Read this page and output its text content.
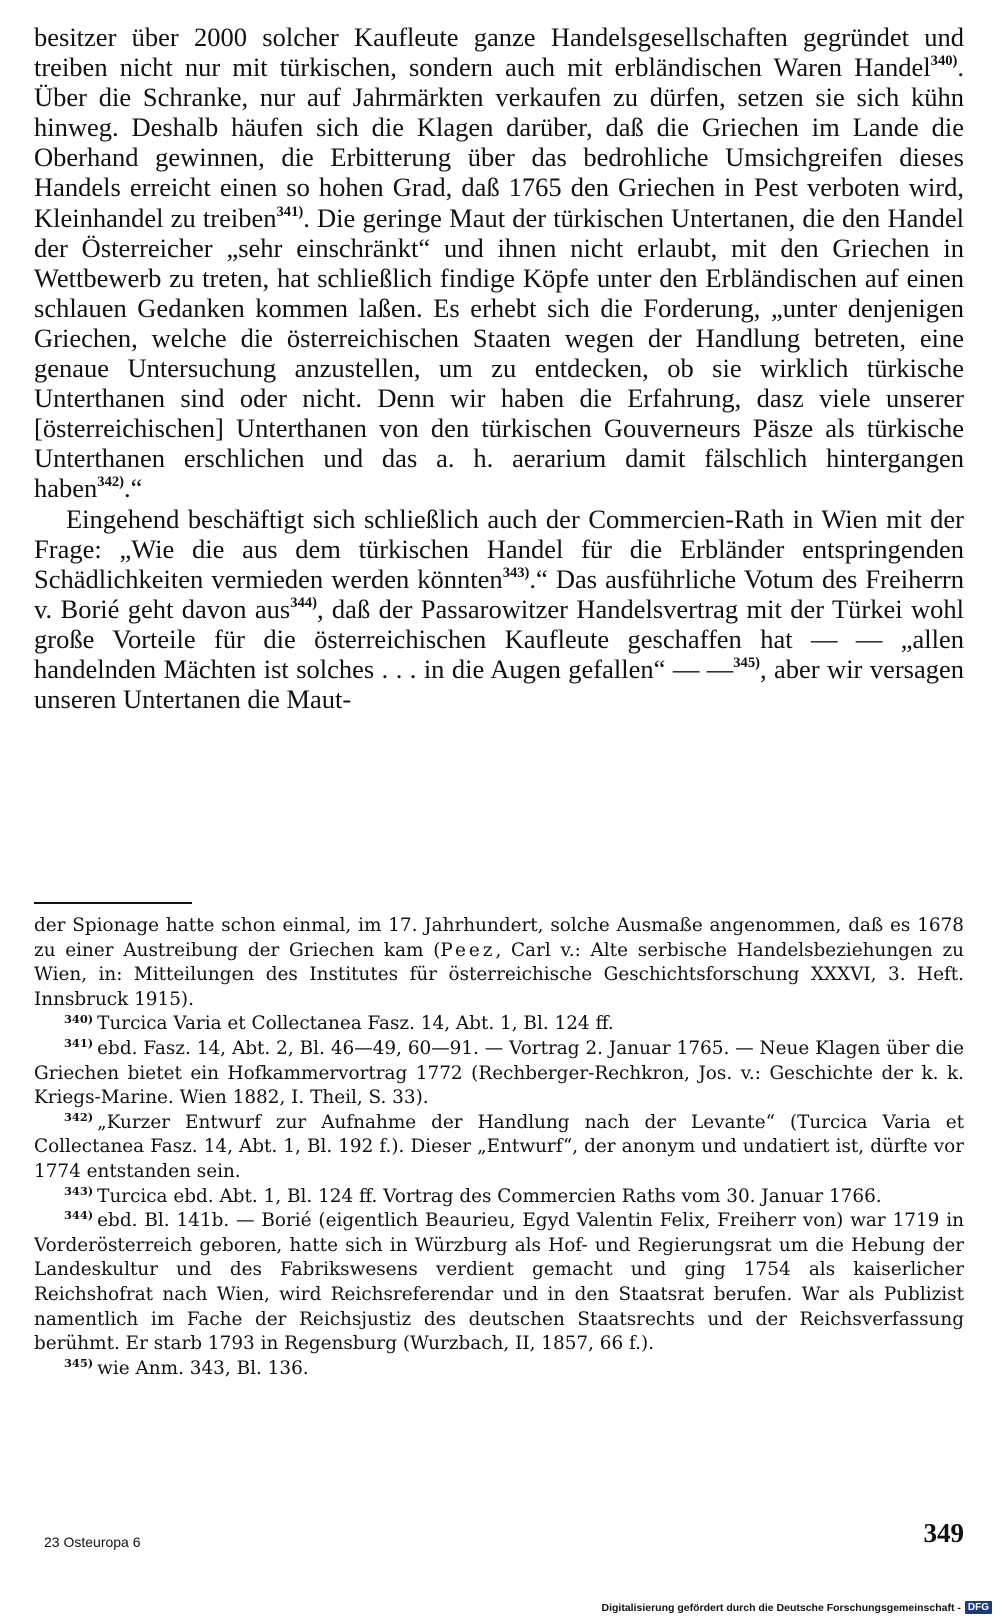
besitzer über 2000 solcher Kaufleute ganze Handelsgesellschaften gegründet und treiben nicht nur mit türkischen, sondern auch mit erbländischen Waren Handel$^{340)}$. Über die Schranke, nur auf Jahrmärkten verkaufen zu dürfen, setzen sie sich kühn hinweg. Deshalb häufen sich die Klagen darüber, daß die Griechen im Lande die Oberhand gewinnen, die Erbitterung über das bedrohliche Umsichgreifen dieses Handels erreicht einen so hohen Grad, daß 1765 den Griechen in Pest verboten wird, Kleinhandel zu treiben$^{341)}$. Die geringe Maut der türkischen Untertanen, die den Handel der Österreicher „sehr einschränkt“ und ihnen nicht erlaubt, mit den Griechen in Wettbewerb zu treten, hat schließlich findige Köpfe unter den Erbländischen auf einen schlauen Gedanken kommen laßen. Es erhebt sich die Forderung, „unter denjenigen Griechen, welche die österreichischen Staaten wegen der Handlung betreten, eine genaue Untersuchung anzustellen, um zu entdecken, ob sie wirklich türkische Unterthanen sind oder nicht. Denn wir haben die Erfahrung, dasz viele unserer [österreichischen] Unterthanen von den türkischen Gouverneurs Päsze als türkische Unterthanen erschlichen und das a. h. aerarium damit fälschlich hintergangen haben$^{342)}$.“

Eingehend beschäftigt sich schließlich auch der Commercien-Rath in Wien mit der Frage: „Wie die aus dem türkischen Handel für die Erbländer entspringenden Schädlichkeiten vermieden werden könnten$^{343)}$.“ Das ausführliche Votum des Freiherrn v. Borié geht davon aus$^{344)}$, daß der Passarowitzer Handelsvertrag mit der Türkei wohl große Vorteile für die österreichischen Kaufleute geschaffen hat — — „allen handelnden Mächten ist solches . . . in die Augen gefallen“ — —$^{345)}$, aber wir versagen unseren Untertanen die Maut-

der Spionage hatte schon einmal, im 17. Jahrhundert, solche Ausmaße angenommen, daß es 1678 zu einer Austreibung der Griechen kam (Peez, Carl v.: Alte serbische Handelsbeziehungen zu Wien, in: Mitteilungen des Institutes für österreichische Geschichtsforschung XXXVI, 3. Heft. Innsbruck 1915).

$^{340)}$ Turcica Varia et Collectanea Fasz. 14, Abt. 1, Bl. 124 ff.

$^{341)}$ ebd. Fasz. 14, Abt. 2, Bl. 46—49, 60—91. — Vortrag 2. Januar 1765. — Neue Klagen über die Griechen bietet ein Hofkammervortrag 1772 (Rechberger-Rechkron, Jos. v.: Geschichte der k. k. Kriegs-Marine. Wien 1882, I. Theil, S. 33).

$^{342)}$ „Kurzer Entwurf zur Aufnahme der Handlung nach der Levante“ (Turcica Varia et Collectanea Fasz. 14, Abt. 1, Bl. 192 f.). Dieser „Entwurf“, der anonym und undatiert ist, dürfte vor 1774 entstanden sein.

$^{343)}$ Turcica ebd. Abt. 1, Bl. 124 ff. Vortrag des Commercien Raths vom 30. Januar 1766.

$^{344)}$ ebd. Bl. 141b. — Borié (eigentlich Beaurieu, Egyd Valentin Felix, Freiherr von) war 1719 in Vorderösterreich geboren, hatte sich in Würzburg als Hof- und Regierungsrat um die Hebung der Landeskultur und des Fabrikswesens verdient gemacht und ging 1754 als kaiserlicher Reichshofrat nach Wien, wird Reichsreferendar und in den Staatsrat berufen. War als Publizist namentlich im Fache der Reichsjustiz des deutschen Staatsrechts und der Reichsverfassung berühmt. Er starb 1793 in Regensburg (Wurzbach, II, 1857, 66 f.).

$^{345)}$ wie Anm. 343, Bl. 136.

23 Osteuropa 6	349
Digitalisierung gefördert durch die Deutsche Forschungsgemeinschaft - DFG
